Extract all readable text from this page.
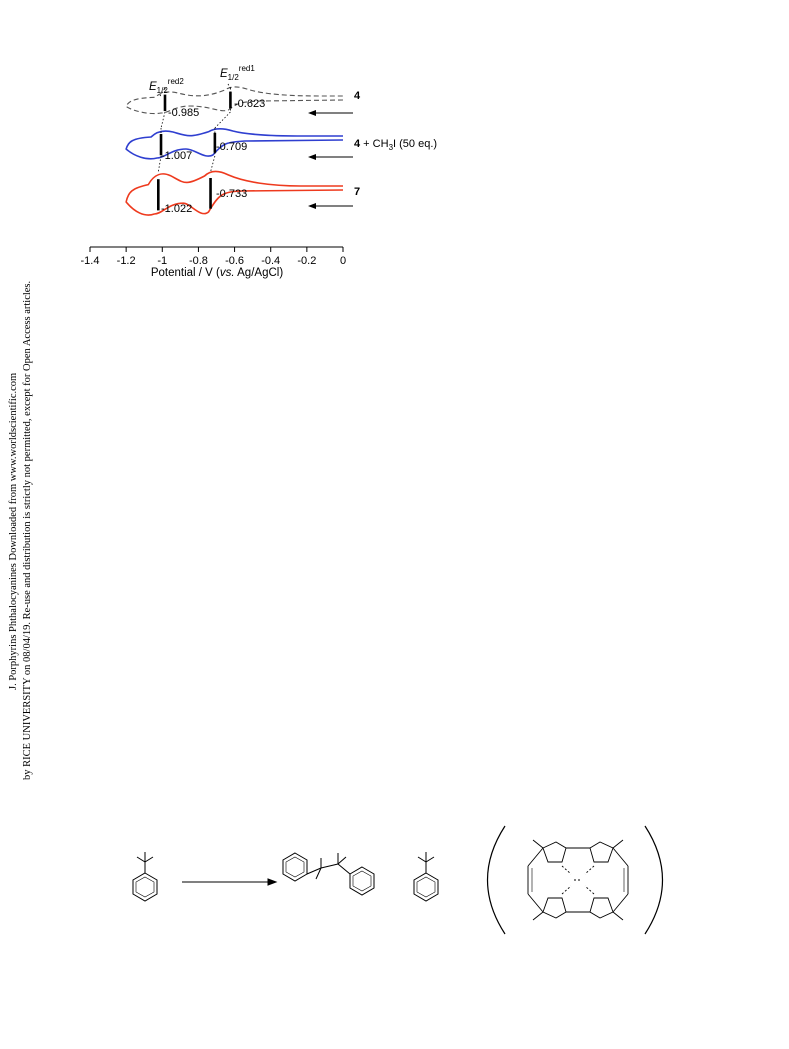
J. Porphyrins Phthalocyanines Downloaded from www.worldscientific.com by RICE UNIVERSITY on 08/04/19. Re-use and distribution is strictly not permitted, except for Open Access articles.
-1.4 -1.2 -1 -0.8 -0.6 -0.4 -0.2 0
Potential / V (vs. Ag/AgCl)
$E_{1/2}^{red2}$
$E_{1/2}^{red1}$
-0.985
-0.623
-1.007
-0.709
-1.022
-0.733
4
$4 + CH_3I$ (50 eq.)
7
